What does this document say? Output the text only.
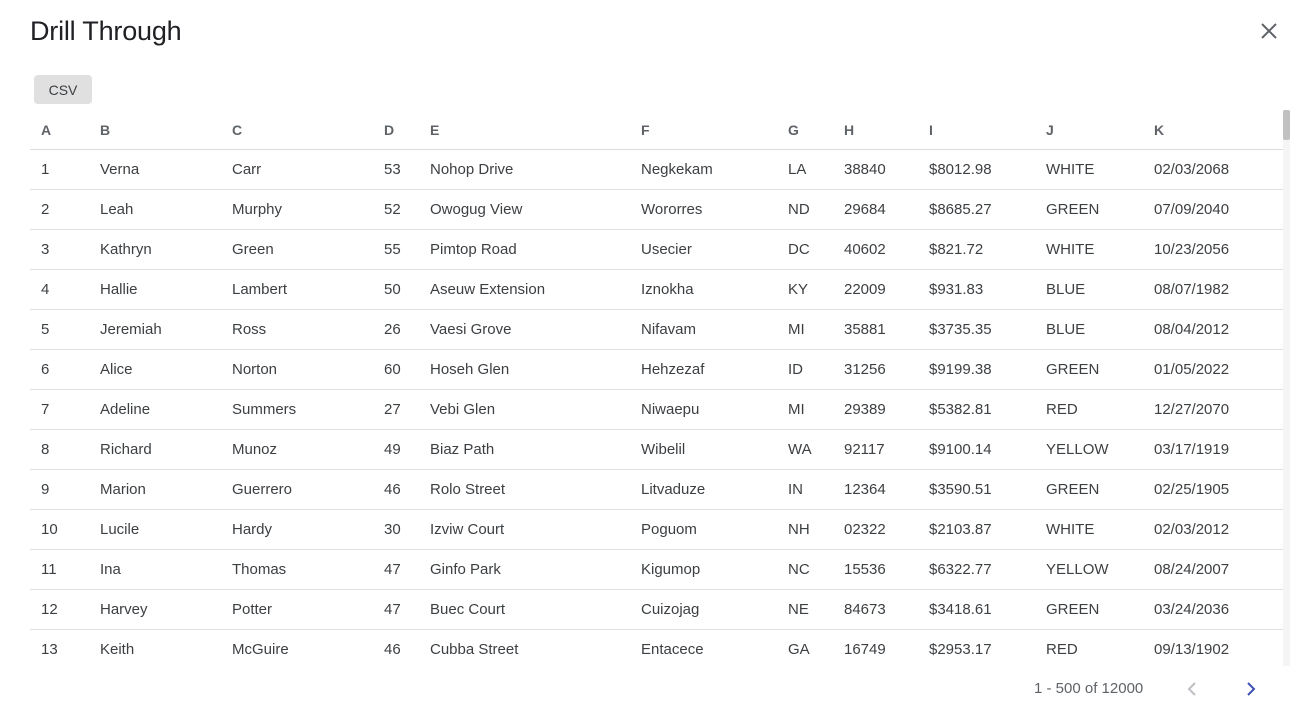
Drill Through
CSV
A	B	C	D	E	F	G	H	I	J	K
1	Verna	Carr	53	Nohop Drive	Negkekam	LA	38840	$8012.98	WHITE	02/03/2068
2	Leah	Murphy	52	Owogug View	Wororres	ND	29684	$8685.27	GREEN	07/09/2040
3	Kathryn	Green	55	Pimtop Road	Usecier	DC	40602	$821.72	WHITE	10/23/2056
4	Hallie	Lambert	50	Aseuw Extension	Iznokha	KY	22009	$931.83	BLUE	08/07/1982
5	Jeremiah	Ross	26	Vaesi Grove	Nifavam	MI	35881	$3735.35	BLUE	08/04/2012
6	Alice	Norton	60	Hoseh Glen	Hehzezaf	ID	31256	$9199.38	GREEN	01/05/2022
7	Adeline	Summers	27	Vebi Glen	Niwaepu	MI	29389	$5382.81	RED	12/27/2070
8	Richard	Munoz	49	Biaz Path	Wibelil	WA	92117	$9100.14	YELLOW	03/17/1919
9	Marion	Guerrero	46	Rolo Street	Litvaduze	IN	12364	$3590.51	GREEN	02/25/1905
10	Lucile	Hardy	30	Izviw Court	Poguom	NH	02322	$2103.87	WHITE	02/03/2012
11	Ina	Thomas	47	Ginfo Park	Kigumop	NC	15536	$6322.77	YELLOW	08/24/2007
12	Harvey	Potter	47	Buec Court	Cuizojag	NE	84673	$3418.61	GREEN	03/24/2036
13	Keith	McGuire	46	Cubba Street	Entacece	GA	16749	$2953.17	RED	09/13/1902
1 - 500 of 12000
